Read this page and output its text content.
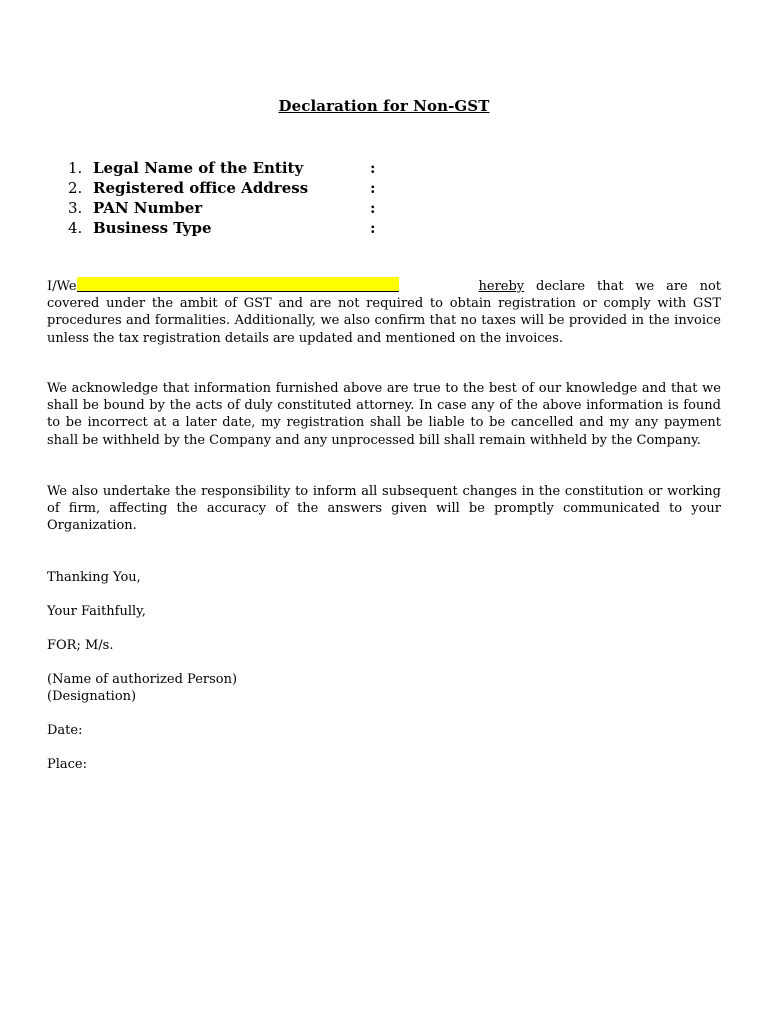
Declaration for Non-GST
1. Legal Name of the Entity	:
2. Registered office Address	:
3. PAN Number	:
4. Business Type	:

I/We	hereby declare that we are not covered under the ambit of GST and are not required to obtain registration or comply with GST procedures and formalities. Additionally, we also confirm that no taxes will be provided in the invoice unless the tax registration details are updated and mentioned on the invoices.

We acknowledge that information furnished above are true to the best of our knowledge and that we shall be bound by the acts of duly constituted attorney. In case any of the above information is found to be incorrect at a later date, my registration shall be liable to be cancelled and my any payment shall be withheld by the Company and any unprocessed bill shall remain withheld by the Company.

We also undertake the responsibility to inform all subsequent changes in the constitution or working of firm, affecting the accuracy of the answers given will be promptly communicated to your Organization.

Thanking You,

Your Faithfully,

FOR; M/s.

(Name of authorized Person)

(Designation)

Date:

Place:
